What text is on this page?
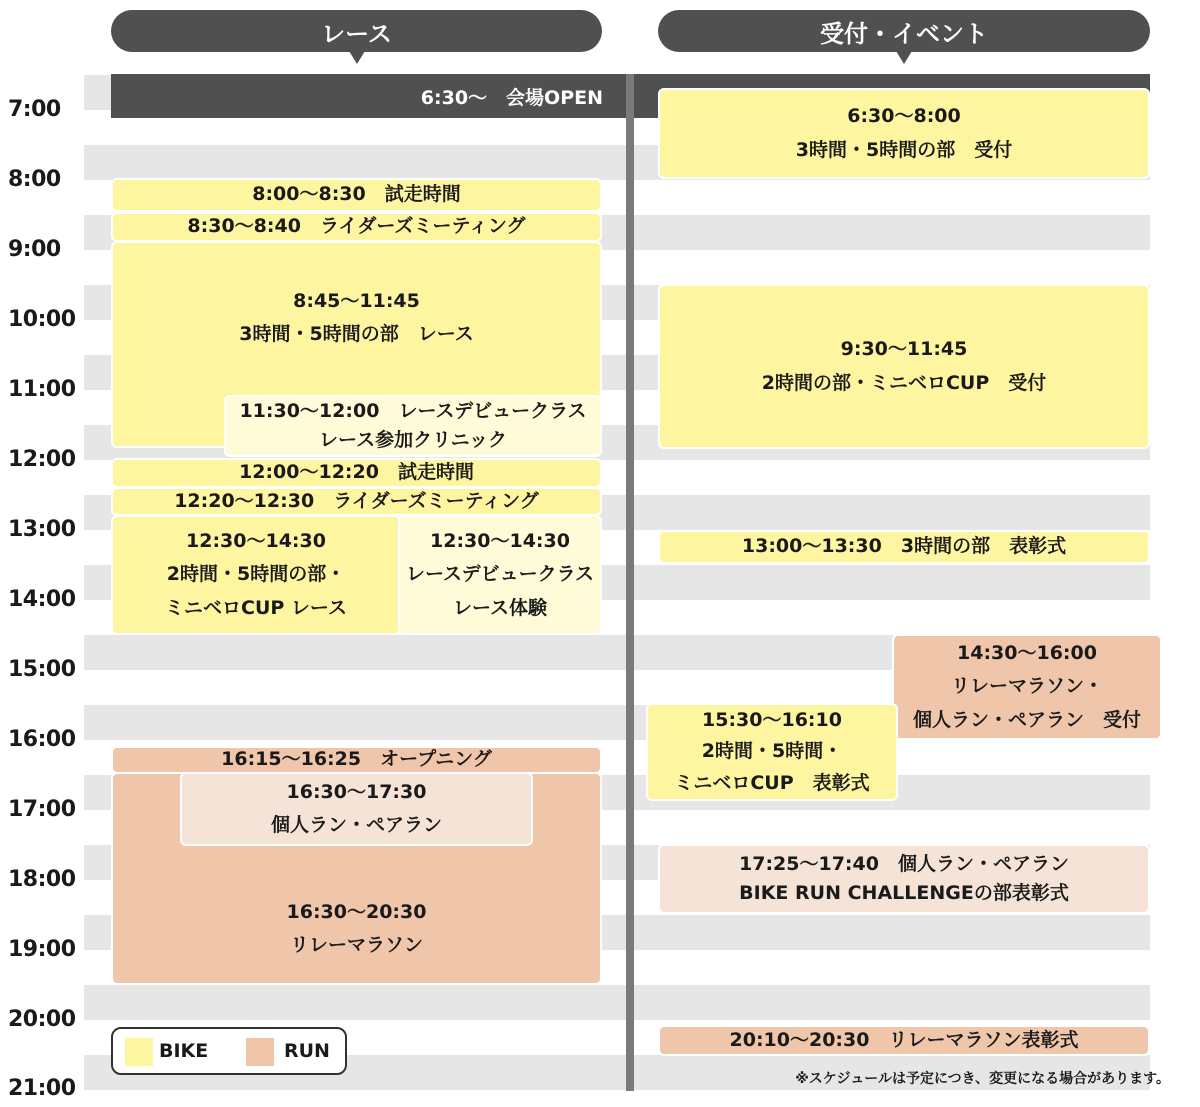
7:00
8:00
9:00
10:00
11:00
12:00
13:00
14:00
15:00
16:00
17:00
18:00
19:00
20:00
21:00
レース	受付・イベント
6:30〜　会場OPEN
8:00〜8:30　 試走時間
8:30〜8:40　 ライダーズミーティング
8:45〜11:45
3時間・5時間の部　レース
11:30〜12:00　 レースデビュークラス
レース参加クリニック
12:00〜12:20　 試走時間
12:20〜12:30　 ライダーズミーティング
12:30〜14:30
2時間・5時間の部・
ミニベロCUP レース
12:30〜14:30
レースデビュークラス
レース体験
16:15〜16:25　 オープニング
16:30〜20:30
リレーマラソン
16:30〜17:30
個人ラン・ペアラン
6:30〜8:00
3時間・5時間の部　受付
9:30〜11:45
2時間の部・ミニベロCUP　受付
13:00〜13:30　 3時間の部　表彰式
14:30〜16:00
リレーマラソン・
個人ラン・ペアラン　受付
15:30〜16:10
2時間・5時間・
ミニベロCUP　表彰式
17:25〜17:40　 個人ラン・ペアラン
BIKE RUN CHALLENGEの部表彰式
20:10〜20:30　 リレーマラソン表彰式
BIKE	RUN
※スケジュールは予定につき、変更になる場合があります。
